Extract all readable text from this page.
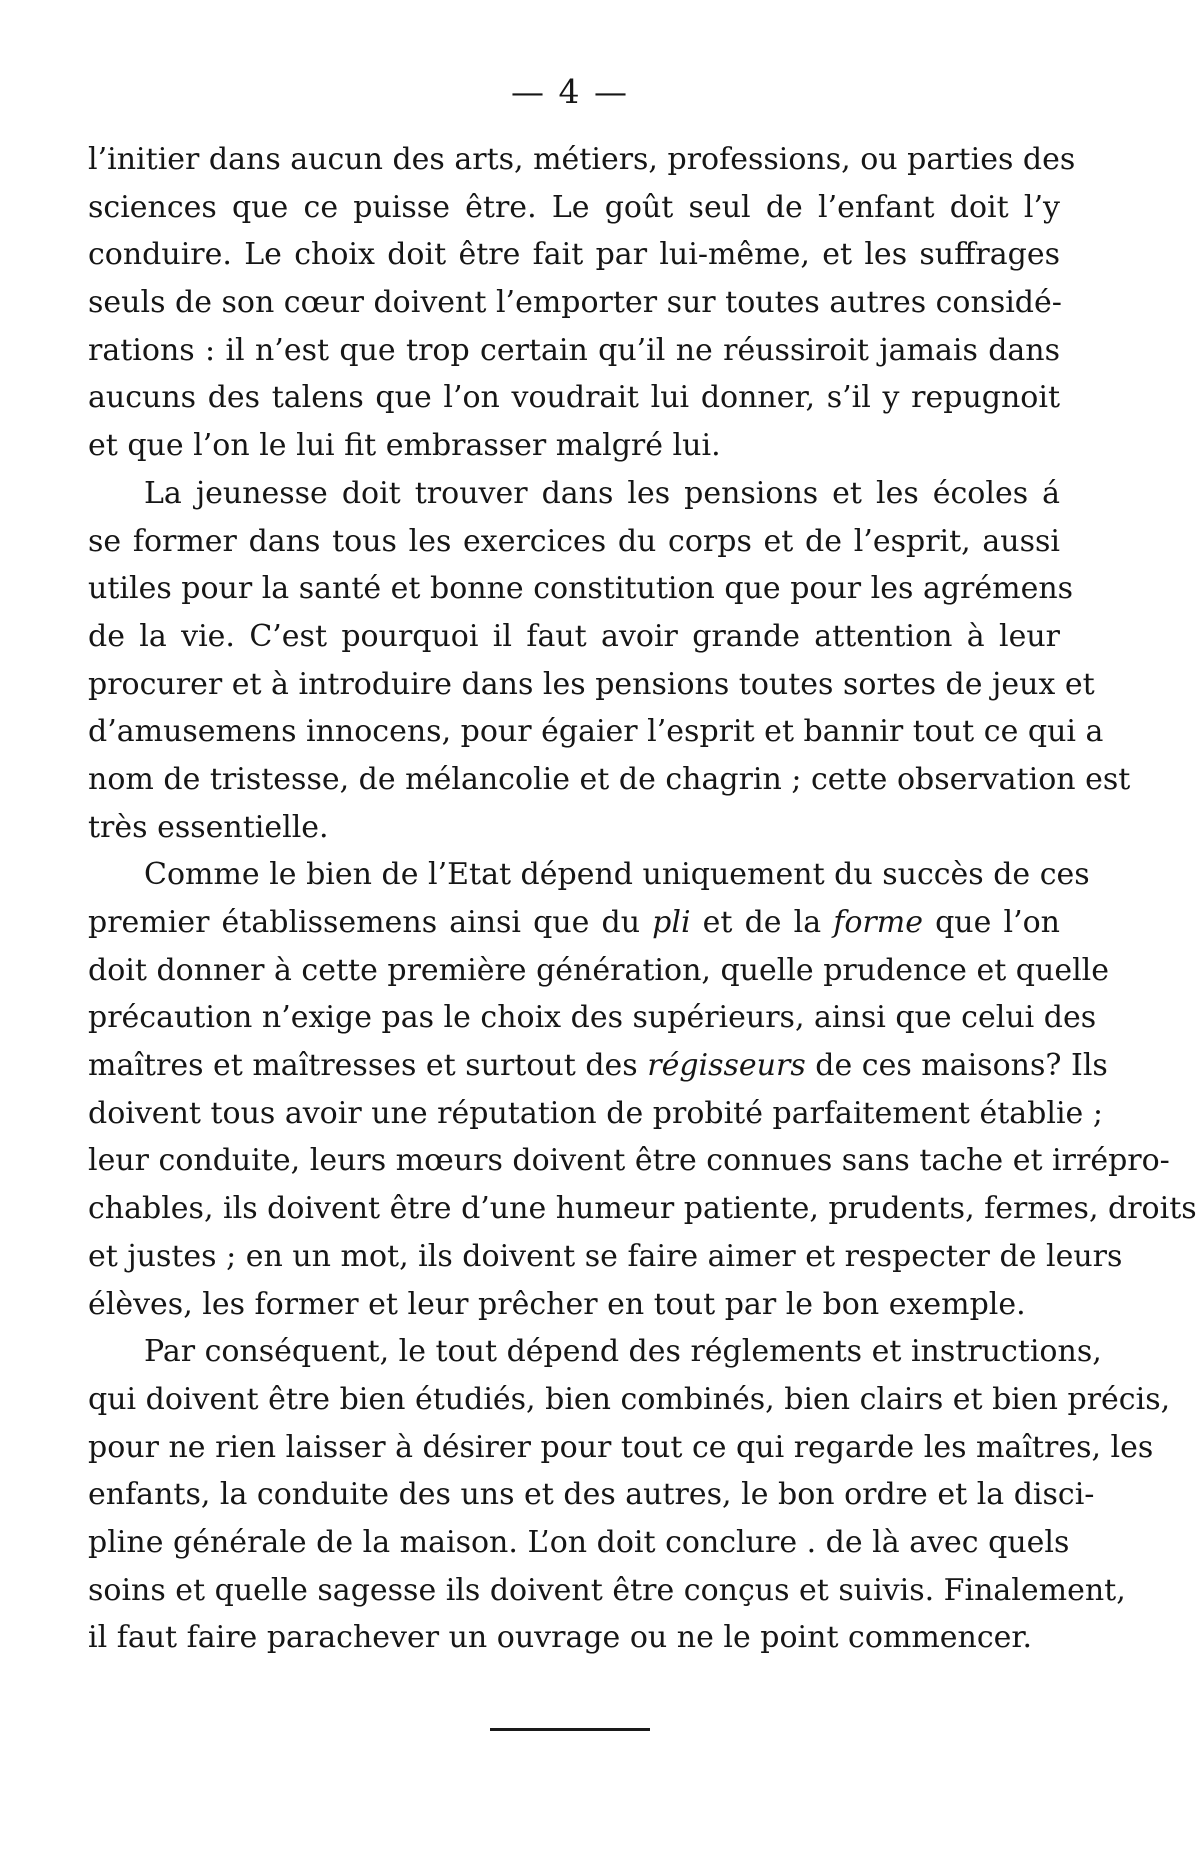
— 4 —
l’initier dans aucun des arts, métiers, professions, ou parties des
sciences que ce puisse être. Le goût seul de l’enfant doit l’y
conduire. Le choix doit être fait par lui-même, et les suffrages
seuls de son cœur doivent l’emporter sur toutes autres considé-
rations : il n’est que trop certain qu’il ne réussiroit jamais dans
aucuns des talens que l’on voudrait lui donner, s’il y repugnoit
et que l’on le lui fit embrasser malgré lui.
La jeunesse doit trouver dans les pensions et les écoles á
se former dans tous les exercices du corps et de l’esprit, aussi
utiles pour la santé et bonne constitution que pour les agrémens
de la vie. C’est pourquoi il faut avoir grande attention à leur
procurer et à introduire dans les pensions toutes sortes de jeux et
d’amusemens innocens, pour égaier l’esprit et bannir tout ce qui a
nom de tristesse, de mélancolie et de chagrin ; cette observation est
très essentielle.
Comme le bien de l’Etat dépend uniquement du succès de ces
premier établissemens ainsi que du pli et de la forme que l’on
doit donner à cette première génération, quelle prudence et quelle
précaution n’exige pas le choix des supérieurs, ainsi que celui des
maîtres et maîtresses et surtout des régisseurs de ces maisons? Ils
doivent tous avoir une réputation de probité parfaitement établie ;
leur conduite, leurs mœurs doivent être connues sans tache et irrépro-
chables, ils doivent être d’une humeur patiente, prudents, fermes, droits
et justes ; en un mot, ils doivent se faire aimer et respecter de leurs
élèves, les former et leur prêcher en tout par le bon exemple.
Par conséquent, le tout dépend des réglements et instructions,
qui doivent être bien étudiés, bien combinés, bien clairs et bien précis,
pour ne rien laisser à désirer pour tout ce qui regarde les maîtres, les
enfants, la conduite des uns et des autres, le bon ordre et la disci-
pline générale de la maison. L’on doit conclure . de là avec quels
soins et quelle sagesse ils doivent être conçus et suivis. Finalement,
il faut faire parachever un ouvrage ou ne le point commencer.
